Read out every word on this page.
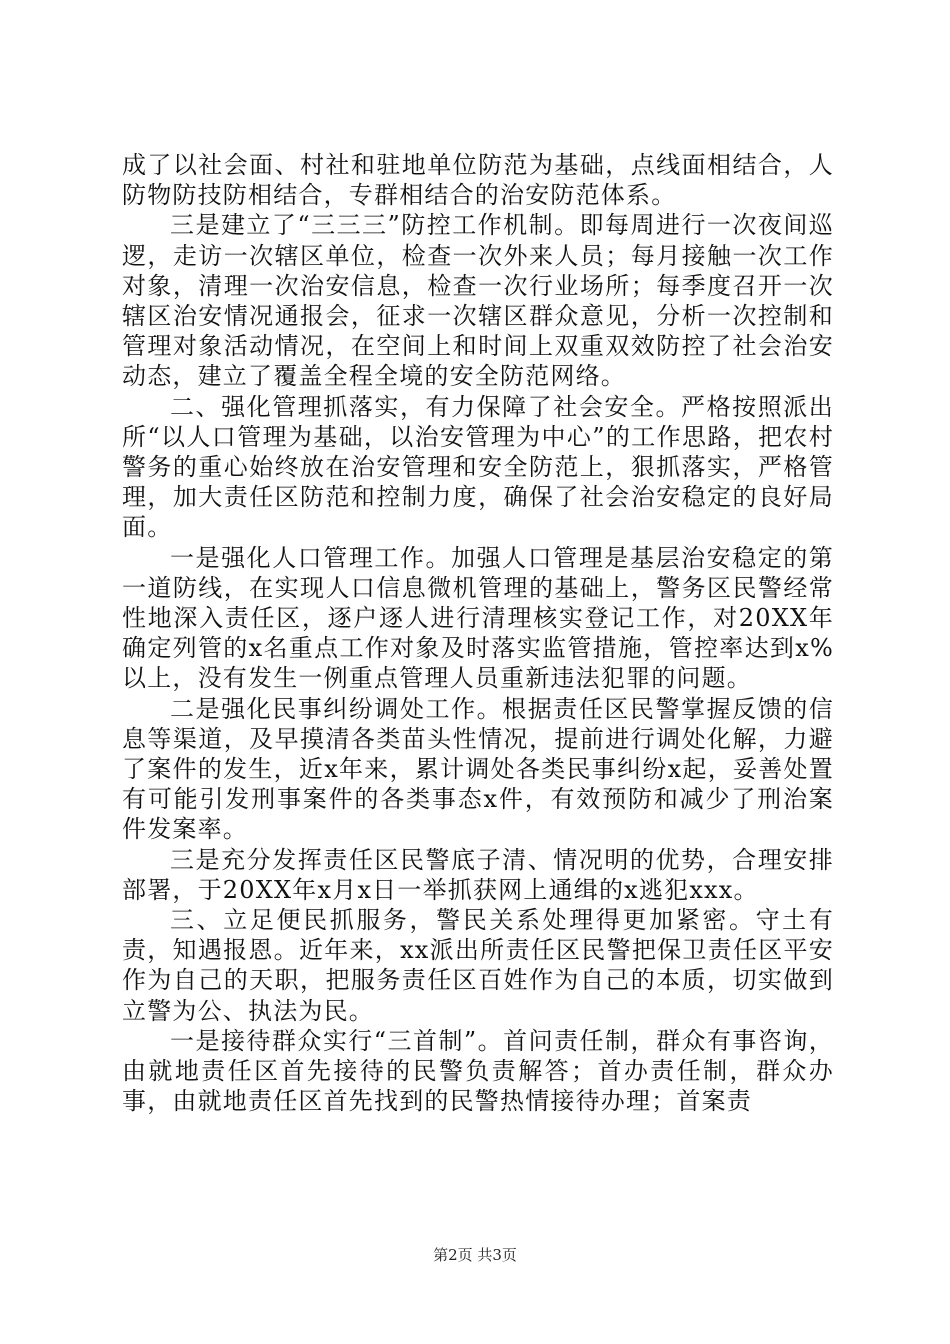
成了以社会面、村社和驻地单位防范为基础，点线面相结合，人防物防技防相结合，专群相结合的治安防范体系。

三是建立了“三三三”防控工作机制。即每周进行一次夜间巡逻，走访一次辖区单位，检查一次外来人员；每月接触一次工作对象，清理一次治安信息，检查一次行业场所；每季度召开一次辖区治安情况通报会，征求一次辖区群众意见，分析一次控制和管理对象活动情况，在空间上和时间上双重双效防控了社会治安动态，建立了覆盖全程全境的安全防范网络。

二、强化管理抓落实，有力保障了社会安全。严格按照派出所“以人口管理为基础，以治安管理为中心”的工作思路，把农村警务的重心始终放在治安管理和安全防范上，狠抓落实，严格管理，加大责任区防范和控制力度，确保了社会治安稳定的良好局面。

一是强化人口管理工作。加强人口管理是基层治安稳定的第一道防线，在实现人口信息微机管理的基础上，警务区民警经常性地深入责任区，逐户逐人进行清理核实登记工作，对20XX年确定列管的x名重点工作对象及时落实监管措施，管控率达到x%以上，没有发生一例重点管理人员重新违法犯罪的问题。

二是强化民事纠纷调处工作。根据责任区民警掌握反馈的信息等渠道，及早摸清各类苗头性情况，提前进行调处化解，力避了案件的发生，近x年来，累计调处各类民事纠纷x起，妥善处置有可能引发刑事案件的各类事态x件，有效预防和减少了刑治案件发案率。

三是充分发挥责任区民警底子清、情况明的优势，合理安排部署，于20XX年x月x日一举抓获网上通缉的x逃犯xxx。

三、立足便民抓服务，警民关系处理得更加紧密。守土有责，知遇报恩。近年来，xx派出所责任区民警把保卫责任区平安作为自己的天职，把服务责任区百姓作为自己的本质，切实做到立警为公、执法为民。

一是接待群众实行“三首制”。首问责任制，群众有事咨询，由就地责任区首先接待的民警负责解答；首办责任制，群众办事，由就地责任区首先找到的民警热情接待办理；首案责

第2页 共3页
